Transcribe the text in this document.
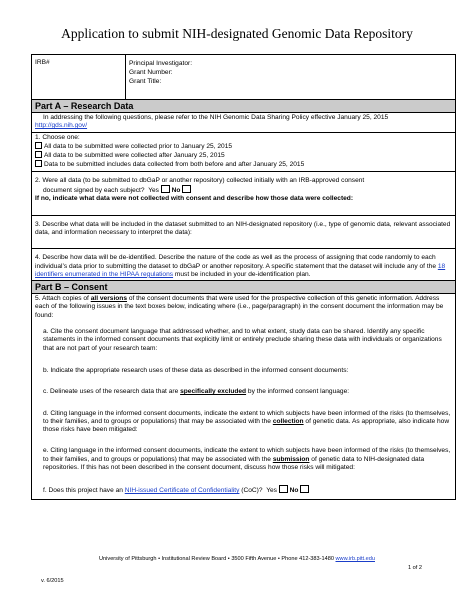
Application to submit NIH-designated Genomic Data Repository
IRB#	Principal Investigator:
Grant Number:
Grant Title:
Part A – Research Data
In addressing the following questions, please refer to the NIH Genomic Data Sharing Policy effective January 25, 2015
http://gds.nih.gov/
1. Choose one:
All data to be submitted were collected prior to January 25, 2015
All data to be submitted were collected after January 25, 2015
Data to be submitted includes data collected from both before and after January 25, 2015
2. Were all data (to be submitted to dbGaP or another repository) collected initially with an IRB-approved consent
document signed by each subject? Yes No
If no, indicate what data were not collected with consent and describe how those data were collected:
3. Describe what data will be included in the dataset submitted to an NIH-designated repository (i.e., type of genomic data, relevant associated data, and information necessary to interpret the data):
4. Describe how data will be de-identified. Describe the nature of the code as well as the process of assigning that code randomly to each individual’s data prior to submitting the dataset to dbGaP or another repository. A specific statement that the dataset will include any of the 18 identifiers enumerated in the HIPAA regulations must be included in your de-identification plan.
Part B – Consent
5. Attach copies of all versions of the consent documents that were used for the prospective collection of this genetic information. Address each of the following issues in the text boxes below, indicating where (i.e., page/paragraph) in the consent document the information may be found:
a. Cite the consent document language that addressed whether, and to what extent, study data can be shared. Identify any specific statements in the informed consent documents that explicitly limit or entirely preclude sharing these data with individuals or organizations that are not part of your research team:
b. Indicate the appropriate research uses of these data as described in the informed consent documents:
c. Delineate uses of the research data that are specifically excluded by the informed consent language:
d. Citing language in the informed consent documents, indicate the extent to which subjects have been informed of the risks (to themselves, to their families, and to groups or populations) that may be associated with the collection of genetic data. As appropriate, also indicate how those risks have been mitigated:
e. Citing language in the informed consent documents, indicate the extent to which subjects have been informed of the risks (to themselves, to their families, and to groups or populations) that may be associated with the submission of genetic data to NIH-designated data repositories. If this has not been described in the consent document, discuss how those risks will mitigated:
f. Does this project have an NIH-issued Certificate of Confidentiality (CoC)? Yes No
University of Pittsburgh • Institutional Review Board • 3500 Fifth Avenue • Phone 412-383-1480 www.irb.pitt.edu
1 of 2
v. 6/2015
